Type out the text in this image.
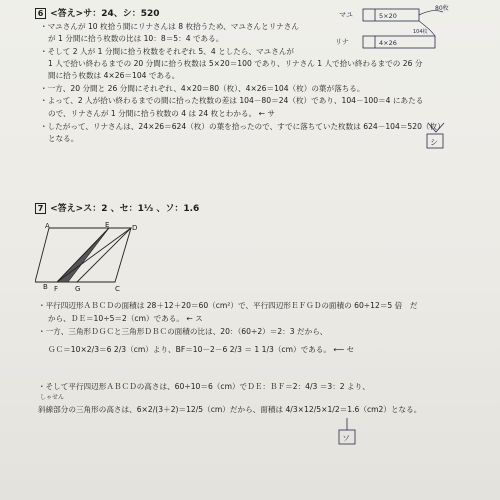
6 <答え>サ：24、シ：520
・マユさんが 10 枚拾う間にリナさんは 8 枚拾うため、マユさんとリナさん
が 1 分間に拾う枚数の比は 10：8＝5：4 である。
・そして 2 人が 1 分間に拾う枚数をそれぞれ 5、4 としたら、マユさんが
1 人で拾い終わるまでの 20 分間に拾う枚数は 5×20＝100 であり、リナさん 1 人で拾い終わるまでの 26 分
間に拾う枚数は 4×26＝104 である。
・一方、20 分間と 26 分間にそれぞれ、4×20＝80（枚）、4×26＝104（枚）の葉が落ちる。
・よって、2 人が拾い終わるまでの間に拾った枚数の差は 104－80＝24（枚）であり、104－100＝4 にあたる
ので、リナさんが 1 分間に拾う枚数の 4 は 24 枚とわかる。 ← サ
・したがって、リナさんは、24×26＝624（枚）の葉を拾ったので、すでに落ちていた枚数は 624－104＝520（枚）
となる。
マユ
リナ
5×20
4×26
80枚
104枚
シ
7 <答え>ス：2 、セ：1⅓ 、ソ：1.6
A	E	D
B F G	C
・平行四辺形ＡＢＣＤの面積は 28＋12＋20＝60（cm²）で、平行四辺形ＥＦＧＤの面積の 60÷12＝5 倍　だ
から、ＤＥ＝10÷5＝2（cm）である。 ← ス
・一方、三角形ＤＧＣと三角形ＤＢＣの面積の比は、20：（60÷2）＝2：3 だから、
ＧＣ＝10×2/3＝6 2/3（cm）より、BF＝10－2－6 2/3 ＝ 1 1/3（cm）である。 ⟵ セ
・そして平行四辺形ＡＢＣＤの高さは、60÷10＝6（cm）でＤＥ：ＢＦ＝2：4/3 ＝3：2 より、
しゃせん
斜線部分の三角形の高さは、6×2/(3＋2)＝12/5（cm）だから、面積は 4/3×12/5×1/2＝1.6（cm2）となる。
ソ
